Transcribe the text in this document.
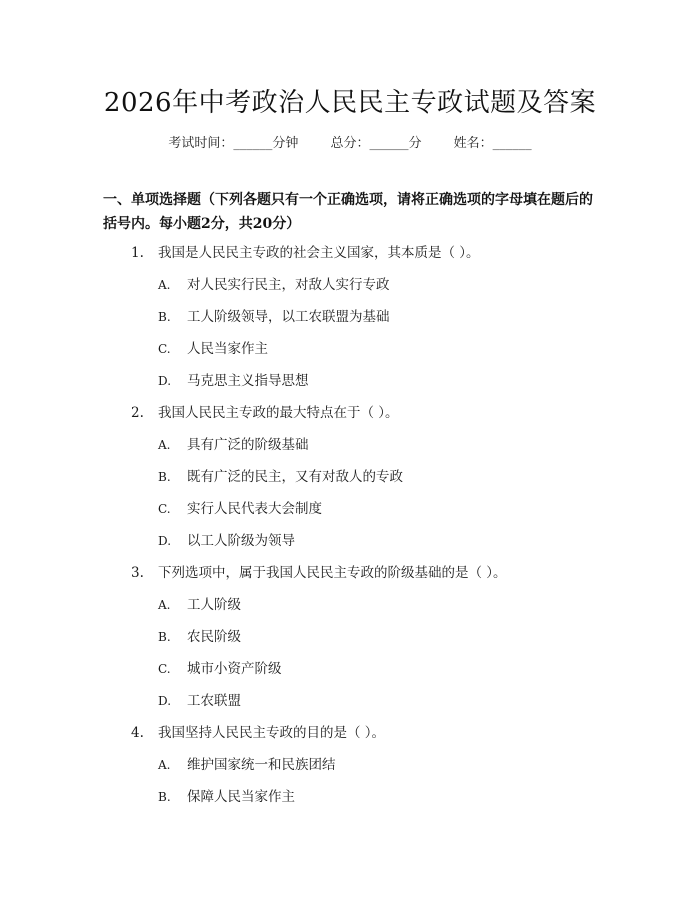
2026年中考政治人民民主专政试题及答案
考试时间：______分钟 总分：______分 姓名：______
一、单项选择题（下列各题只有一个正确选项，请将正确选项的字母填在题后的括号内。每小题2分，共20分）
1. 我国是人民民主专政的社会主义国家，其本质是（ ）。
A. 对人民实行民主，对敌人实行专政
B. 工人阶级领导，以工农联盟为基础
C. 人民当家作主
D. 马克思主义指导思想
2. 我国人民民主专政的最大特点在于（ ）。
A. 具有广泛的阶级基础
B. 既有广泛的民主，又有对敌人的专政
C. 实行人民代表大会制度
D. 以工人阶级为领导
3. 下列选项中，属于我国人民民主专政的阶级基础的是（ ）。
A. 工人阶级
B. 农民阶级
C. 城市小资产阶级
D. 工农联盟
4. 我国坚持人民民主专政的目的是（ ）。
A. 维护国家统一和民族团结
B. 保障人民当家作主
